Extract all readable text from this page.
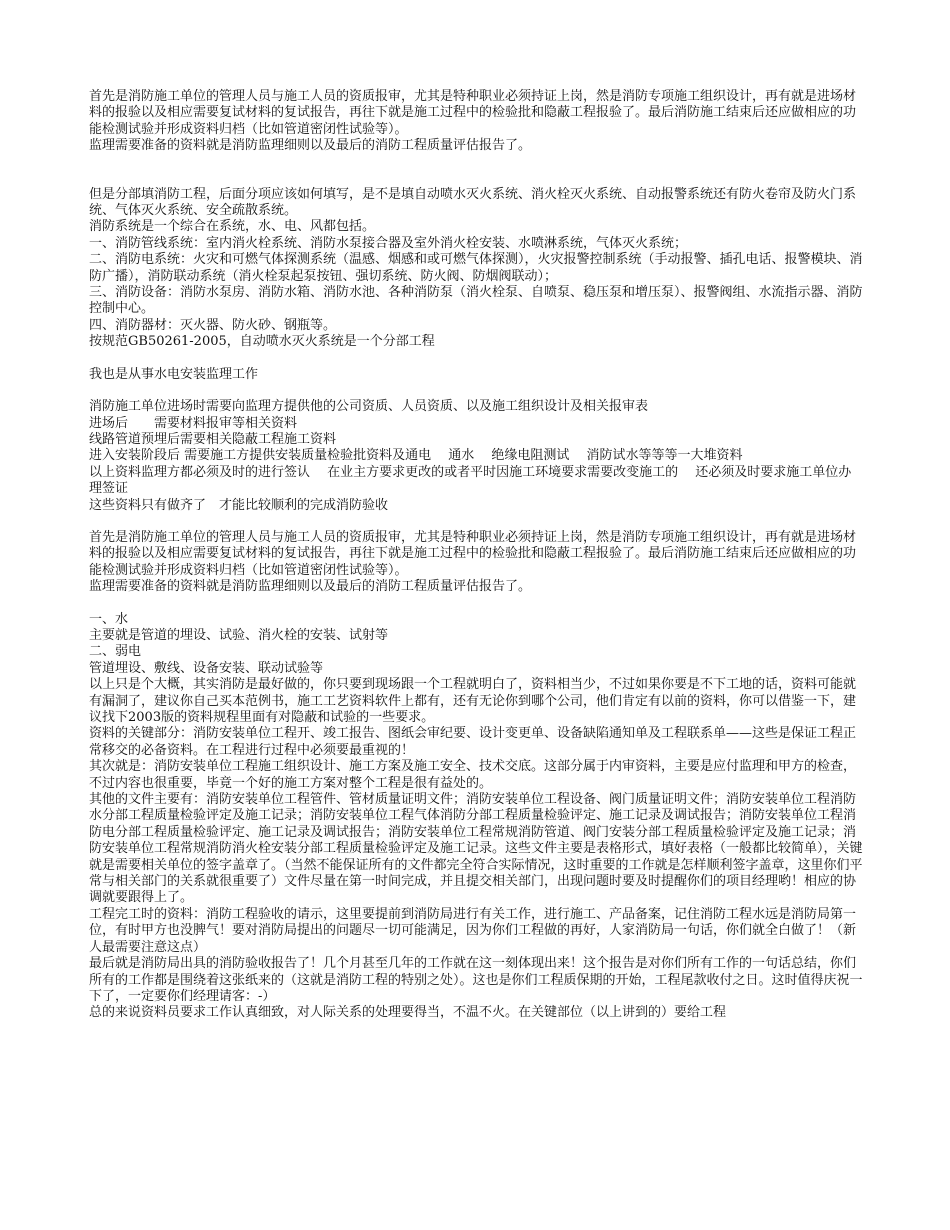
首先是消防施工单位的管理人员与施工人员的资质报审，尤其是特种职业必须持证上岗，然是消防专项施工组织设计，再有就是进场材料的报验以及相应需要复试材料的复试报告，再往下就是施工过程中的检验批和隐蔽工程报验了。最后消防施工结束后还应做相应的功能检测试验并形成资料归档（比如管道密闭性试验等）。

监理需要准备的资料就是消防监理细则以及最后的消防工程质量评估报告了。

但是分部填消防工程，后面分项应该如何填写，是不是填自动喷水灭火系统、消火栓灭火系统、自动报警系统还有防火卷帘及防火门系统、气体灭火系统、安全疏散系统。

消防系统是一个综合在系统，水、电、风都包括。

一、消防管线系统：室内消火栓系统、消防水泵接合器及室外消火栓安装、水喷淋系统，气体灭火系统；

二、消防电系统：火灾和可燃气体探测系统（温感、烟感和或可燃气体探测），火灾报警控制系统（手动报警、插孔电话、报警模块、消防广播），消防联动系统（消火栓泵起泵按钮、强切系统、防火阀、防烟阀联动）；

三、消防设备：消防水泵房、消防水箱、消防水池、各种消防泵（消火栓泵、自喷泵、稳压泵和增压泵）、报警阀组、水流指示器、消防控制中心。

四、消防器材：灭火器、防火砂、钢瓶等。

按规范GB50261-2005，自动喷水灭火系统是一个分部工程

我也是从事水电安装监理工作

消防施工单位进场时需要向监理方提供他的公司资质、人员资质、以及施工组织设计及相关报审表

进场后　　需要材料报审等相关资料

线路管道预埋后需要相关隐蔽工程施工资料

进入安装阶段后 需要施工方提供安装质量检验批资料及通电　 通水　 绝缘电阻测试　 消防试水等等等一大堆资料

以上资料监理方都必须及时的进行签认　 在业主方要求更改的或者平时因施工环境要求需要改变施工的　 还必须及时要求施工单位办理签证

这些资料只有做齐了　才能比较顺利的完成消防验收

首先是消防施工单位的管理人员与施工人员的资质报审，尤其是特种职业必须持证上岗，然是消防专项施工组织设计，再有就是进场材料的报验以及相应需要复试材料的复试报告，再往下就是施工过程中的检验批和隐蔽工程报验了。最后消防施工结束后还应做相应的功能检测试验并形成资料归档（比如管道密闭性试验等）。

监理需要准备的资料就是消防监理细则以及最后的消防工程质量评估报告了。

一、水

主要就是管道的埋设、试验、消火栓的安装、试射等

二、弱电

管道埋设、敷线、设备安装、联动试验等

以上只是个大概，其实消防是最好做的，你只要到现场跟一个工程就明白了，资料相当少，不过如果你要是不下工地的话，资料可能就有漏洞了，建议你自己买本范例书，施工工艺资料软件上都有，还有无论你到哪个公司，他们肯定有以前的资料，你可以借鉴一下，建议找下2003版的资料规程里面有对隐蔽和试验的一些要求。

资料的关键部分：消防安装单位工程开、竣工报告、图纸会审纪要、设计变更单、设备缺陷通知单及工程联系单——这些是保证工程正常移交的必备资料。在工程进行过程中必须要最重视的！

其次就是：消防安装单位工程施工组织设计、施工方案及施工安全、技术交底。这部分属于内审资料，主要是应付监理和甲方的检查，不过内容也很重要，毕竟一个好的施工方案对整个工程是很有益处的。

其他的文件主要有：消防安装单位工程管件、管材质量证明文件；消防安装单位工程设备、阀门质量证明文件；消防安装单位工程消防水分部工程质量检验评定及施工记录；消防安装单位工程气体消防分部工程质量检验评定、施工记录及调试报告；消防安装单位工程消防电分部工程质量检验评定、施工记录及调试报告；消防安装单位工程常规消防管道、阀门安装分部工程质量检验评定及施工记录；消防安装单位工程常规消防消火栓安装分部工程质量检验评定及施工记录。这些文件主要是表格形式，填好表格（一般都比较简单），关键就是需要相关单位的签字盖章了。（当然不能保证所有的文件都完全符合实际情况，这时重要的工作就是怎样顺利签字盖章，这里你们平常与相关部门的关系就很重要了）文件尽量在第一时间完成，并且提交相关部门，出现问题时要及时提醒你们的项目经理哟！相应的协调就要跟得上了。

工程完工时的资料：消防工程验收的请示，这里要提前到消防局进行有关工作，进行施工、产品备案，记住消防工程水远是消防局第一位，有时甲方也没脾气！要对消防局提出的问题尽一切可能满足，因为你们工程做的再好，人家消防局一句话，你们就全白做了！（新人最需要注意这点）

最后就是消防局出具的消防验收报告了！几个月甚至几年的工作就在这一刻体现出来！这个报告是对你们所有工作的一句话总结，你们所有的工作都是围绕着这张纸来的（这就是消防工程的特别之处）。这也是你们工程质保期的开始，工程尾款收付之日。这时值得庆祝一下了，一定要你们经理请客：-）

总的来说资料员要求工作认真细致，对人际关系的处理要得当，不温不火。在关键部位（以上讲到的）要给工程
